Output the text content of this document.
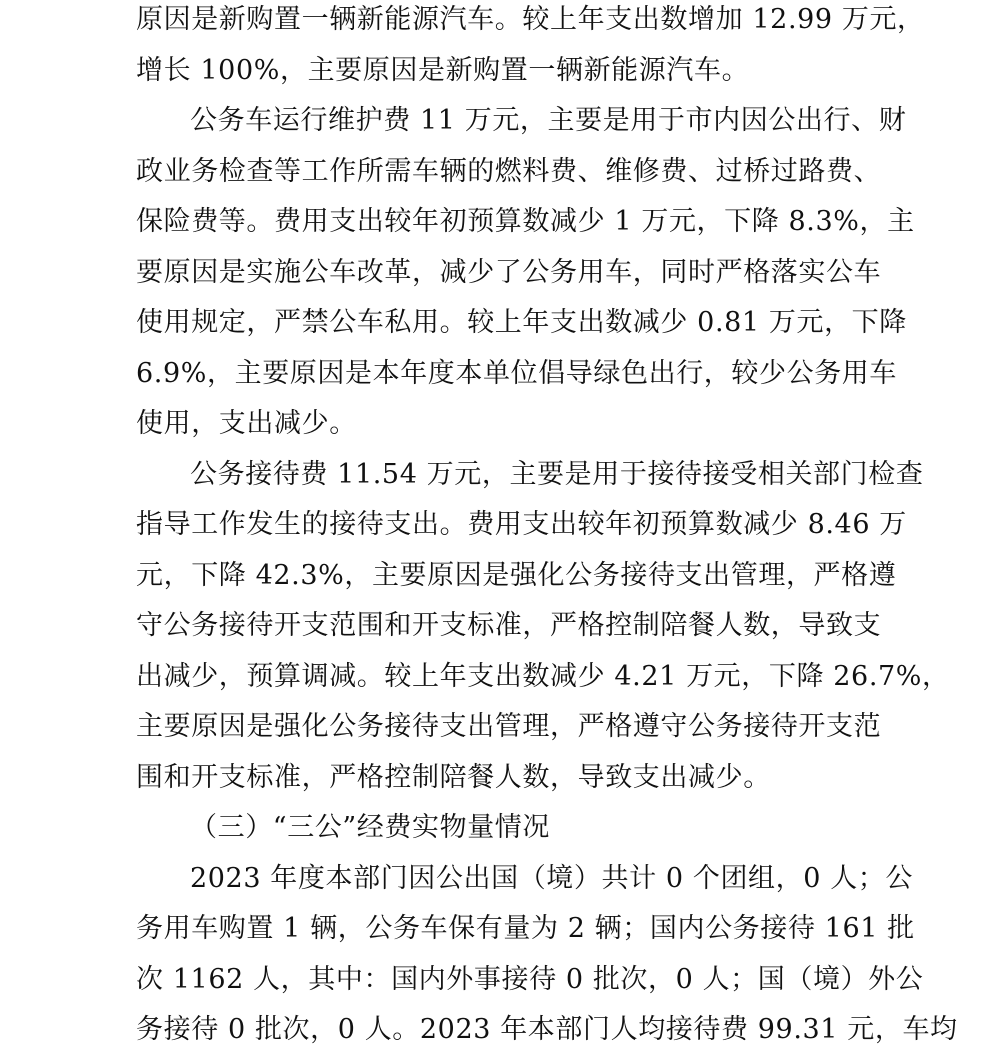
原因是新购置一辆新能源汽车。较上年支出数增加 12.99 万元，
增长 100%，主要原因是新购置一辆新能源汽车。
公务车运行维护费 11 万元，主要是用于市内因公出行、财
政业务检查等工作所需车辆的燃料费、维修费、过桥过路费、
保险费等。费用支出较年初预算数减少 1 万元，下降 8.3%，主
要原因是实施公车改革，减少了公务用车，同时严格落实公车
使用规定，严禁公车私用。较上年支出数减少 0.81 万元，下降
6.9%，主要原因是本年度本单位倡导绿色出行，较少公务用车
使用，支出减少。
公务接待费 11.54 万元，主要是用于接待接受相关部门检查
指导工作发生的接待支出。费用支出较年初预算数减少 8.46 万
元，下降 42.3%，主要原因是强化公务接待支出管理，严格遵
守公务接待开支范围和开支标准，严格控制陪餐人数，导致支
出减少，预算调减。较上年支出数减少 4.21 万元，下降 26.7%，
主要原因是强化公务接待支出管理，严格遵守公务接待开支范
围和开支标准，严格控制陪餐人数，导致支出减少。
（三）“三公”经费实物量情况
2023 年度本部门因公出国（境）共计 0 个团组，0 人；公
务用车购置 1 辆，公务车保有量为 2 辆；国内公务接待 161 批
次 1162 人，其中：国内外事接待 0 批次，0 人；国（境）外公
务接待 0 批次，0 人。2023 年本部门人均接待费 99.31 元，车均
